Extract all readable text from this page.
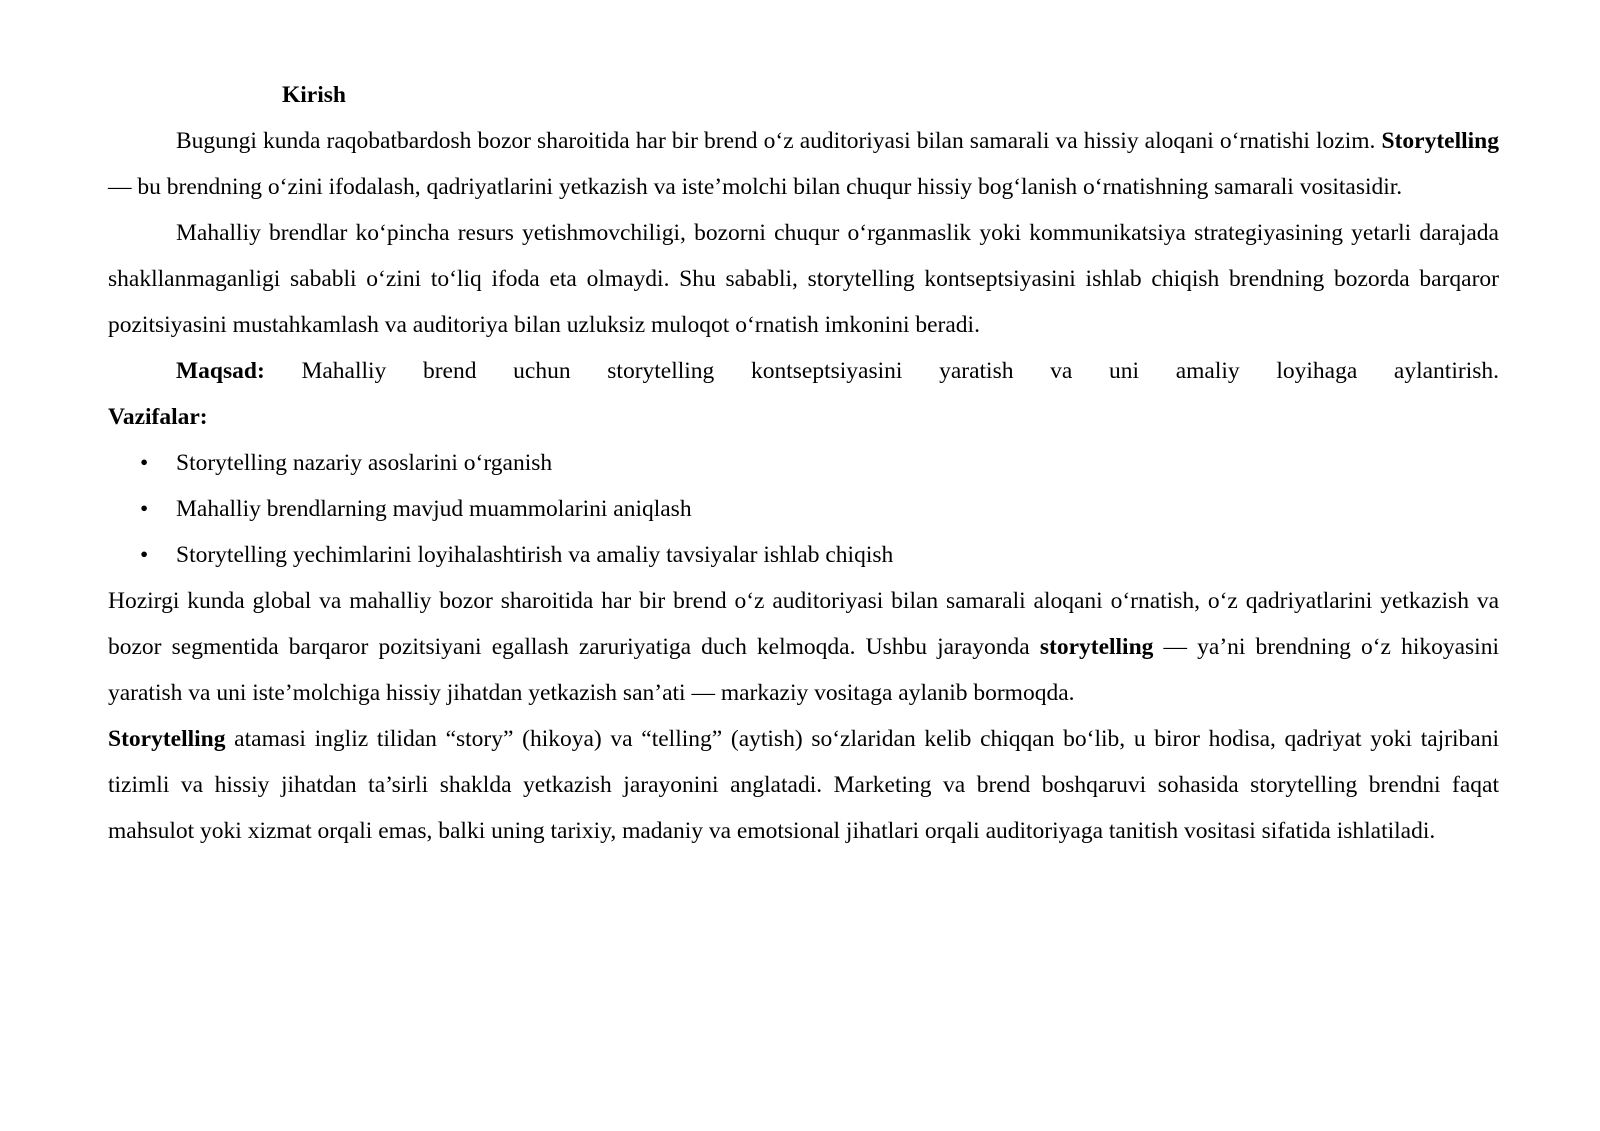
Kirish

Bugungi kunda raqobatbardosh bozor sharoitida har bir brend o‘z auditoriyasi bilan samarali va hissiy aloqani o‘rnatishi lozim. Storytelling — bu brendning o‘zini ifodalash, qadriyatlarini yetkazish va iste’molchi bilan chuqur hissiy bog‘lanish o‘rnatishning samarali vositasidir.

Mahalliy brendlar ko‘pincha resurs yetishmovchiligi, bozorni chuqur o‘rganmaslik yoki kommunikatsiya strategiyasining yetarli darajada shakllanmaganligi sababli o‘zini to‘liq ifoda eta olmaydi. Shu sababli, storytelling kontseptsiyasini ishlab chiqish brendning bozorda barqaror pozitsiyasini mustahkamlash va auditoriya bilan uzluksiz muloqot o‘rnatish imkonini beradi.

Maqsad: Mahalliy brend uchun storytelling kontseptsiyasini yaratish va uni amaliy loyihaga aylantirish.

Vazifalar:

• Storytelling nazariy asoslarini o‘rganish
• Mahalliy brendlarning mavjud muammolarini aniqlash
• Storytelling yechimlarini loyihalashtirish va amaliy tavsiyalar ishlab chiqish

Hozirgi kunda global va mahalliy bozor sharoitida har bir brend o‘z auditoriyasi bilan samarali aloqani o‘rnatish, o‘z qadriyatlarini yetkazish va bozor segmentida barqaror pozitsiyani egallash zaruriyatiga duch kelmoqda. Ushbu jarayonda storytelling — ya’ni brendning o‘z hikoyasini yaratish va uni iste’molchiga hissiy jihatdan yetkazish san’ati — markaziy vositaga aylanib bormoqda.

Storytelling atamasi ingliz tilidan “story” (hikoya) va “telling” (aytish) so‘zlaridan kelib chiqqan bo‘lib, u biror hodisa, qadriyat yoki tajribani tizimli va hissiy jihatdan ta’sirli shaklda yetkazish jarayonini anglatadi. Marketing va brend boshqaruvi sohasida storytelling brendni faqat mahsulot yoki xizmat orqali emas, balki uning tarixiy, madaniy va emotsional jihatlari orqali auditoriyaga tanitish vositasi sifatida ishlatiladi.
